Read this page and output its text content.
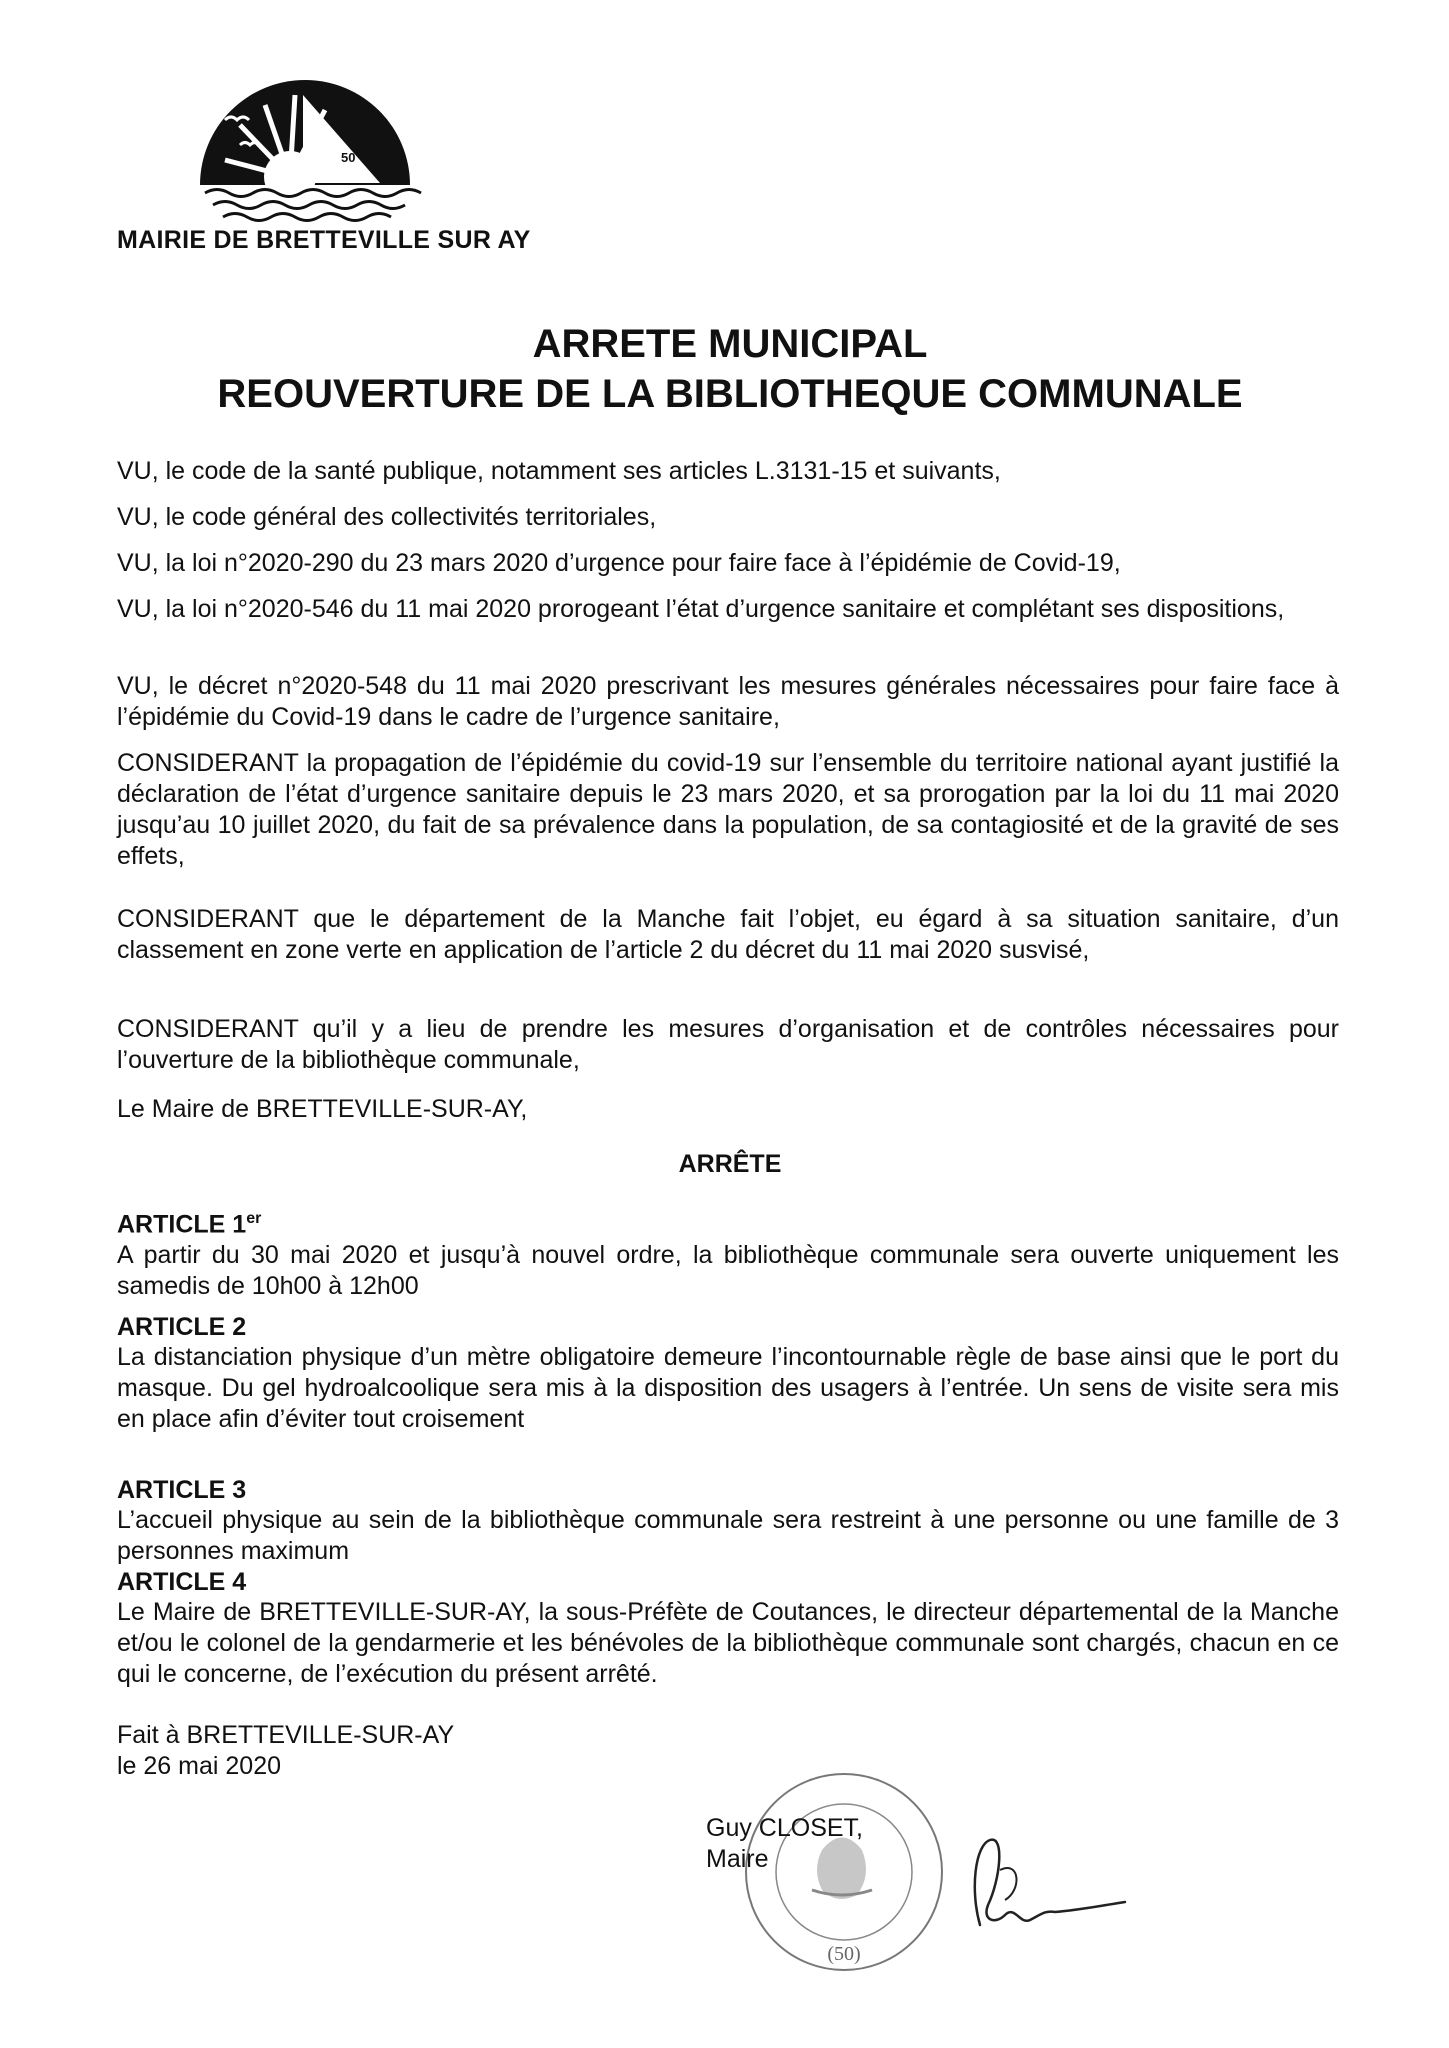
50
MAIRIE DE BRETTEVILLE SUR AY
ARRETE MUNICIPAL
REOUVERTURE DE LA BIBLIOTHEQUE COMMUNALE

VU, le code de la santé publique, notamment ses articles L.3131-15 et suivants,

VU, le code général des collectivités territoriales,

VU, la loi n°2020-290 du 23 mars 2020 d’urgence pour faire face à l’épidémie de Covid-19,

VU, la loi n°2020-546 du 11 mai 2020 prorogeant l’état d’urgence sanitaire et complétant ses dispositions,

VU, le décret n°2020-548 du 11 mai 2020 prescrivant les mesures générales nécessaires pour faire face à l’épidémie du Covid-19 dans le cadre de l’urgence sanitaire,

CONSIDERANT la propagation de l’épidémie du covid-19 sur l’ensemble du territoire national ayant justifié la déclaration de l’état d’urgence sanitaire depuis le 23 mars 2020, et sa prorogation par la loi du 11 mai 2020 jusqu’au 10 juillet 2020, du fait de sa prévalence dans la population, de sa contagiosité et de la gravité de ses effets,

CONSIDERANT que le département de la Manche fait l’objet, eu égard à sa situation sanitaire, d’un classement en zone verte en application de l’article 2 du décret du 11 mai 2020 susvisé,

CONSIDERANT qu’il y a lieu de prendre les mesures d’organisation et de contrôles nécessaires pour l’ouverture de la bibliothèque communale,

Le Maire de BRETTEVILLE-SUR-AY,

ARRÊTE
ARTICLE 1er

A partir du 30 mai 2020 et jusqu’à nouvel ordre, la bibliothèque communale sera ouverte uniquement les samedis de 10h00 à 12h00

ARTICLE 2

La distanciation physique d’un mètre obligatoire demeure l’incontournable règle de base ainsi que le port du masque. Du gel hydroalcoolique sera mis à la disposition des usagers à l’entrée. Un sens de visite sera mis en place afin d’éviter tout croisement

ARTICLE 3

L’accueil physique au sein de la bibliothèque communale sera restreint à une personne ou une famille de 3 personnes maximum

ARTICLE 4

Le Maire de BRETTEVILLE-SUR-AY, la sous-Préfète de Coutances, le directeur départemental de la Manche et/ou le colonel de la gendarmerie et les bénévoles de la bibliothèque communale sont chargés, chacun en ce qui le concerne, de l’exécution du présent arrêté.

Fait à BRETTEVILLE-SUR-AY
le 26 mai 2020
(50)
Guy CLOSET,
Maire
